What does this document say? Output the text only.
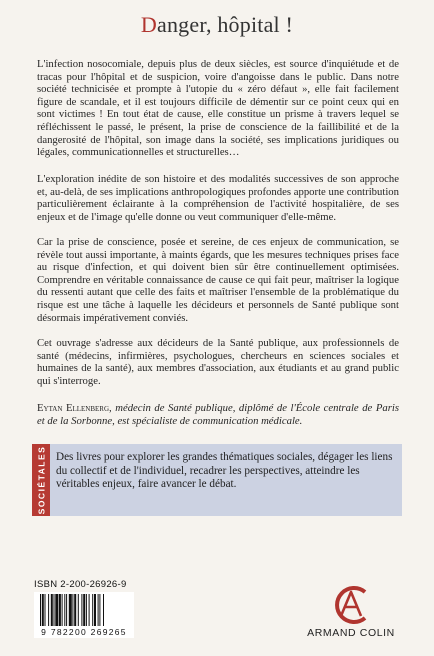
Danger, hôpital !

L'infection nosocomiale, depuis plus de deux siècles, est source d'inquiétude et de tracas pour l'hôpital et de suspicion, voire d'angoisse dans le public. Dans notre société technicisée et prompte à l'utopie du « zéro défaut », elle fait facilement figure de scandale, et il est toujours difficile de démentir sur ce point ceux qui en sont victimes ! En tout état de cause, elle constitue un prisme à travers lequel se réfléchissent le passé, le présent, la prise de conscience de la faillibilité et de la dangerosité de l'hôpital, son image dans la société, ses implications juridiques ou légales, communicationnelles et structurelles…

L'exploration inédite de son histoire et des modalités successives de son approche et, au-delà, de ses implications anthropologiques profondes apporte une contribution particulièrement éclairante à la compréhension de l'activité hospitalière, de ses enjeux et de l'image qu'elle donne ou veut communiquer d'elle-même.

Car la prise de conscience, posée et sereine, de ces enjeux de communication, se révèle tout aussi importante, à maints égards, que les mesures techniques prises face au risque d'infection, et qui doivent bien sûr être continuellement optimisées. Comprendre en véritable connaissance de cause ce qui fait peur, maîtriser la logique du ressenti autant que celle des faits et maîtriser l'ensemble de la problématique du risque est une tâche à laquelle les décideurs et personnels de Santé publique sont désormais impérativement conviés.

Cet ouvrage s'adresse aux décideurs de la Santé publique, aux professionnels de santé (médecins, infirmières, psychologues, chercheurs en sciences sociales et humaines de la santé), aux membres d'association, aux étudiants et au grand public qui s'interroge.

Eytan Ellenberg, médecin de Santé publique, diplômé de l'École centrale de Paris et de la Sorbonne, est spécialiste de communication médicale.

SOCIÉTALES Des livres pour explorer les grandes thématiques sociales, dégager les liens du collectif et de l'individuel, recadrer les perspectives, atteindre les véritables enjeux, faire avancer le débat.

ISBN 2-200-26926-9
9 782200 269265	ARMAND COLIN
